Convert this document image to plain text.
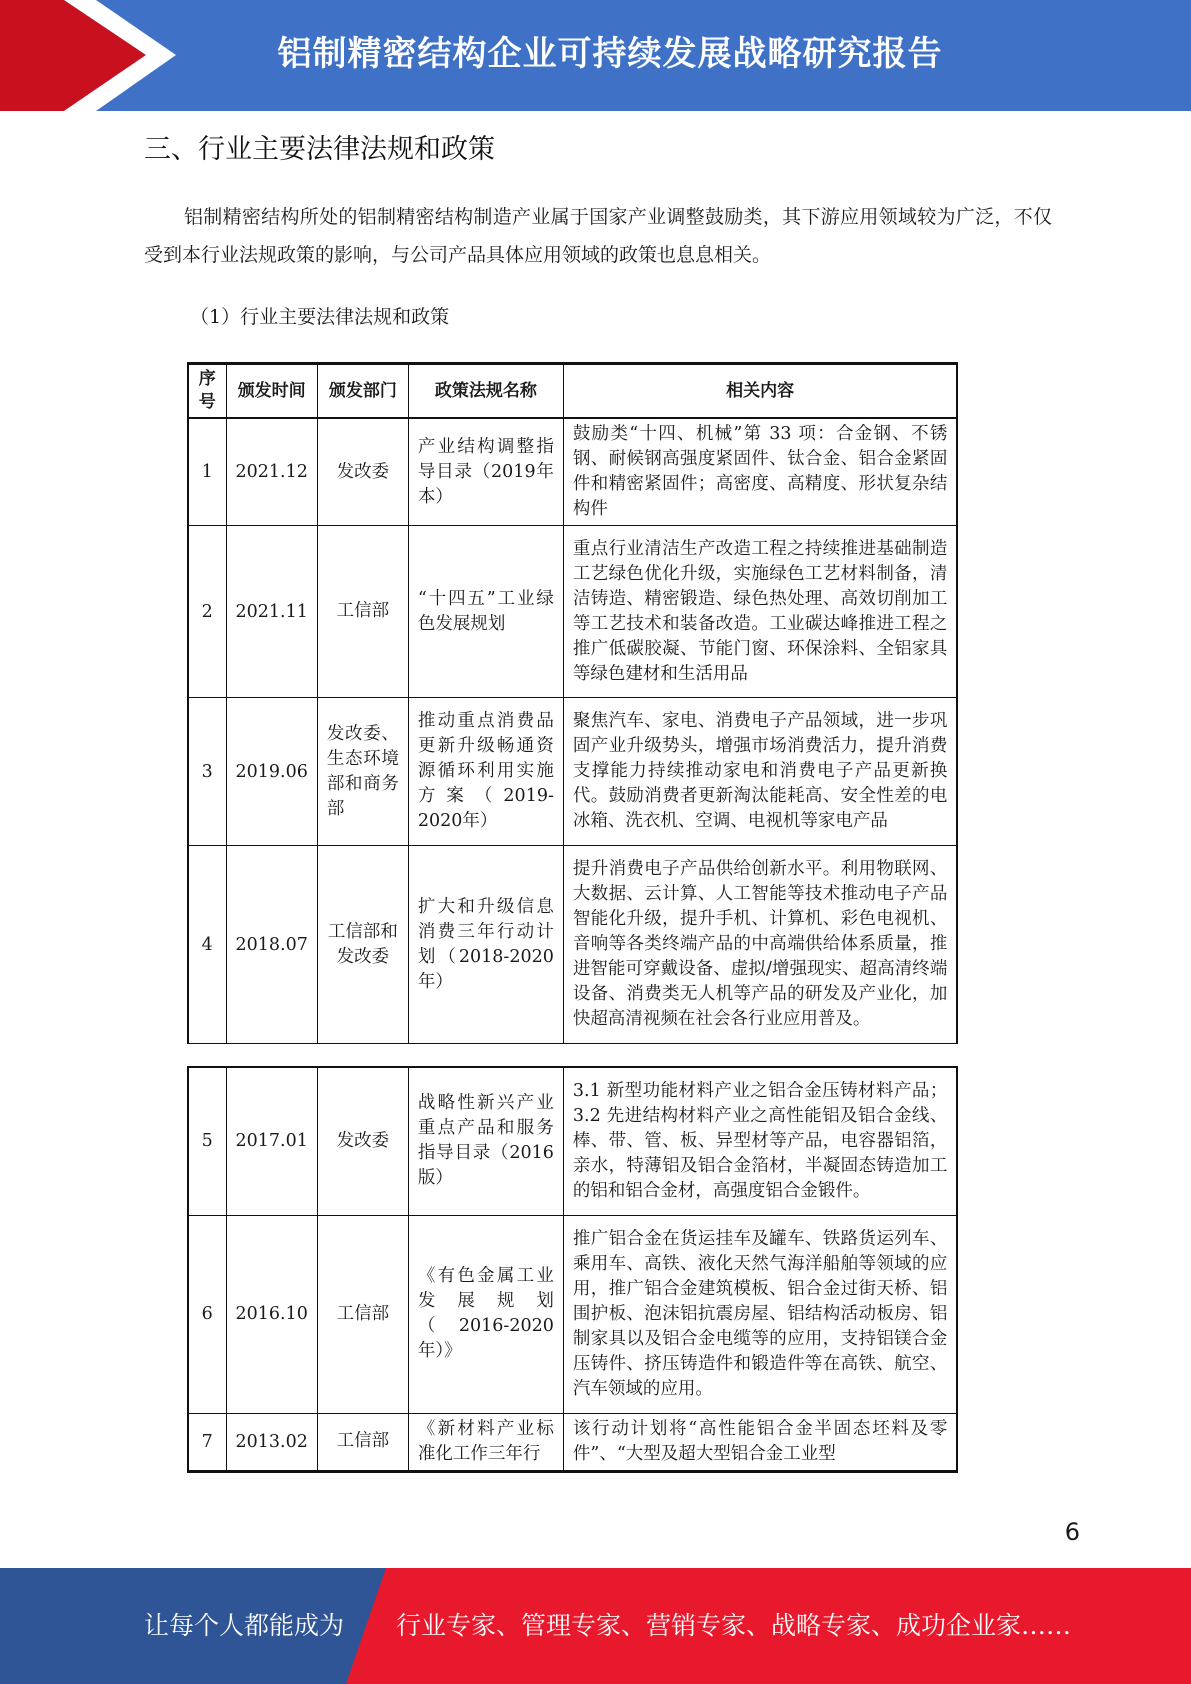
铝制精密结构企业可持续发展战略研究报告
三、行业主要法律法规和政策

铝制精密结构所处的铝制精密结构制造产业属于国家产业调整鼓励类，其下游应用领域较为广泛，不仅受到本行业法规政策的影响，与公司产品具体应用领域的政策也息息相关。

（1）行业主要法律法规和政策
序号	颁发时间	颁发部门	政策法规名称	相关内容
1	2021.12	发改委	产业结构调整指导目录（2019年本）	鼓励类“十四、机械”第 33 项：合金钢、不锈钢、耐候钢高强度紧固件、钛合金、铝合金紧固件和精密紧固件；高密度、高精度、形状复杂结构件
2	2021.11	工信部	“十四五”工业绿色发展规划	重点行业清洁生产改造工程之持续推进基础制造工艺绿色优化升级，实施绿色工艺材料制备，清洁铸造、精密锻造、绿色热处理、高效切削加工等工艺技术和装备改造。工业碳达峰推进工程之推广低碳胶凝、节能门窗、环保涂料、全铝家具等绿色建材和生活用品
3	2019.06	发改委、生态环境部和商务部	推动重点消费品更新升级畅通资源循环利用实施方案（2019-2020年）	聚焦汽车、家电、消费电子产品领域，进一步巩固产业升级势头，增强市场消费活力，提升消费支撑能力持续推动家电和消费电子产品更新换代。鼓励消费者更新淘汰能耗高、安全性差的电冰箱、洗衣机、空调、电视机等家电产品
4	2018.07	工信部和发改委	扩大和升级信息消费三年行动计划（2018-2020年）	提升消费电子产品供给创新水平。利用物联网、大数据、云计算、人工智能等技术推动电子产品智能化升级，提升手机、计算机、彩色电视机、音响等各类终端产品的中高端供给体系质量，推进智能可穿戴设备、虚拟/增强现实、超高清终端设备、消费类无人机等产品的研发及产业化，加快超高清视频在社会各行业应用普及。
5	2017.01	发改委	战略性新兴产业重点产品和服务指导目录（2016版）	3.1 新型功能材料产业之铝合金压铸材料产品；3.2 先进结构材料产业之高性能铝及铝合金线、棒、带、管、板、异型材等产品，电容器铝箔，亲水，特薄铝及铝合金箔材，半凝固态铸造加工的铝和铝合金材，高强度铝合金锻件。
6	2016.10	工信部	《有色金属工业发展规划（2016-2020年）》	推广铝合金在货运挂车及罐车、铁路货运列车、乘用车、高铁、液化天然气海洋船舶等领域的应用，推广铝合金建筑模板、铝合金过街天桥、铝围护板、泡沫铝抗震房屋、铝结构活动板房、铝制家具以及铝合金电缆等的应用，支持铝镁合金压铸件、挤压铸造件和锻造件等在高铁、航空、汽车领域的应用。
7	2013.02	工信部	《新材料产业标准化工作三年行	该行动计划将“高性能铝合金半固态坯料及零件”、“大型及超大型铝合金工业型
6
让每个人都能成为 行业专家、管理专家、营销专家、战略专家、成功企业家……
